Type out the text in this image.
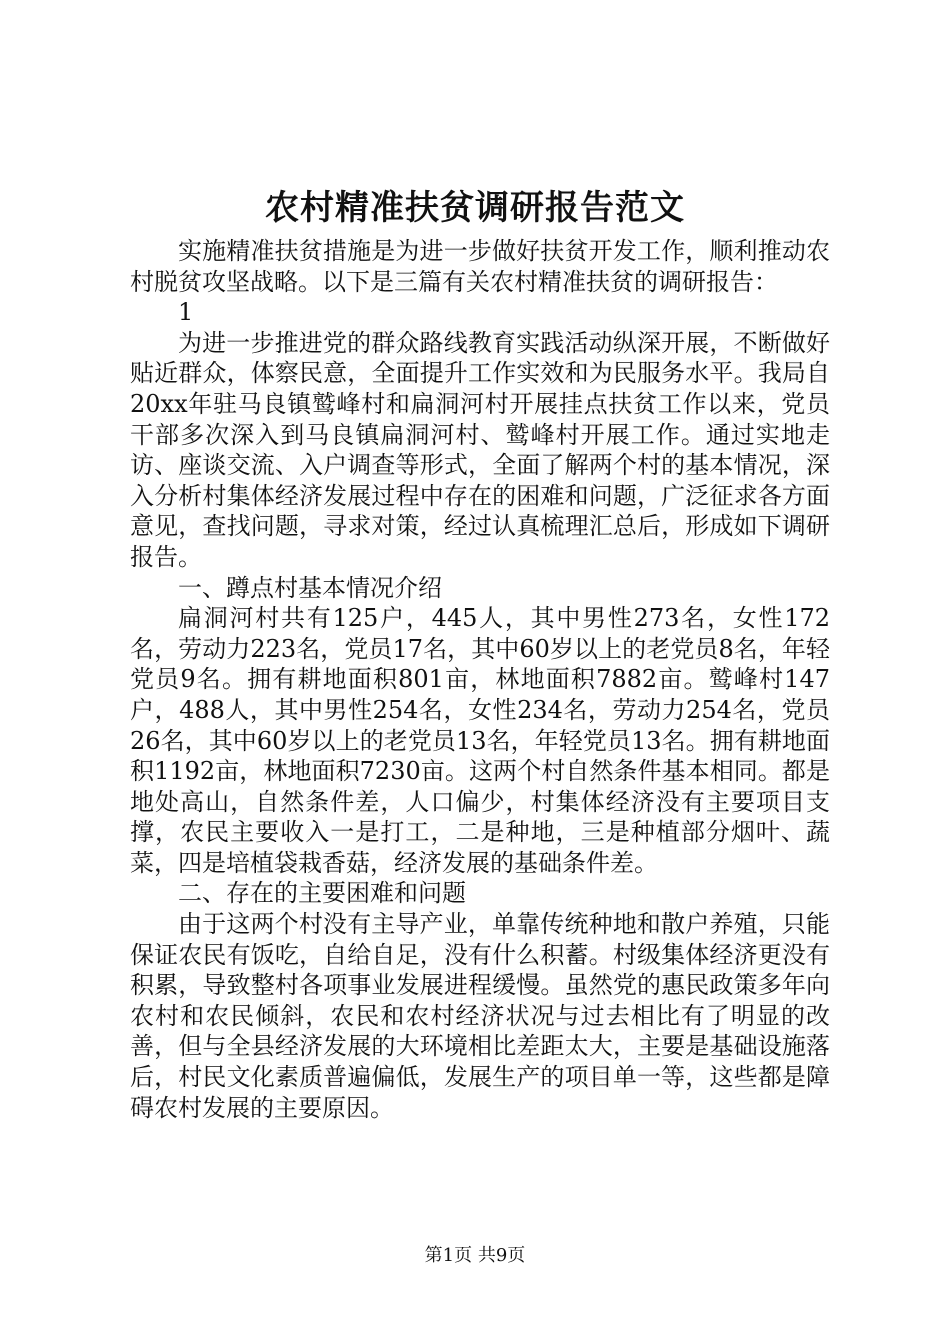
农村精准扶贫调研报告范文

实施精准扶贫措施是为进一步做好扶贫开发工作，顺利推动农村脱贫攻坚战略。以下是三篇有关农村精准扶贫的调研报告：

1

为进一步推进党的群众路线教育实践活动纵深开展，不断做好贴近群众，体察民意，全面提升工作实效和为民服务水平。我局自20xx年驻马良镇鹫峰村和扁洞河村开展挂点扶贫工作以来，党员干部多次深入到马良镇扁洞河村、鹫峰村开展工作。通过实地走访、座谈交流、入户调查等形式，全面了解两个村的基本情况，深入分析村集体经济发展过程中存在的困难和问题，广泛征求各方面意见，查找问题，寻求对策，经过认真梳理汇总后，形成如下调研报告。

一、蹲点村基本情况介绍

扁洞河村共有125户，445人，其中男性273名，女性172名，劳动力223名，党员17名，其中60岁以上的老党员8名，年轻党员9名。拥有耕地面积801亩，林地面积7882亩。鹫峰村147户，488人，其中男性254名，女性234名，劳动力254名，党员26名，其中60岁以上的老党员13名，年轻党员13名。拥有耕地面积1192亩，林地面积7230亩。这两个村自然条件基本相同。都是地处高山，自然条件差，人口偏少，村集体经济没有主要项目支撑，农民主要收入一是打工，二是种地，三是种植部分烟叶、蔬菜，四是培植袋栽香菇，经济发展的基础条件差。

二、存在的主要困难和问题

由于这两个村没有主导产业，单靠传统种地和散户养殖，只能保证农民有饭吃，自给自足，没有什么积蓄。村级集体经济更没有积累，导致整村各项事业发展进程缓慢。虽然党的惠民政策多年向农村和农民倾斜，农民和农村经济状况与过去相比有了明显的改善，但与全县经济发展的大环境相比差距太大，主要是基础设施落后，村民文化素质普遍偏低，发展生产的项目单一等，这些都是障碍农村发展的主要原因。

第1页 共9页
